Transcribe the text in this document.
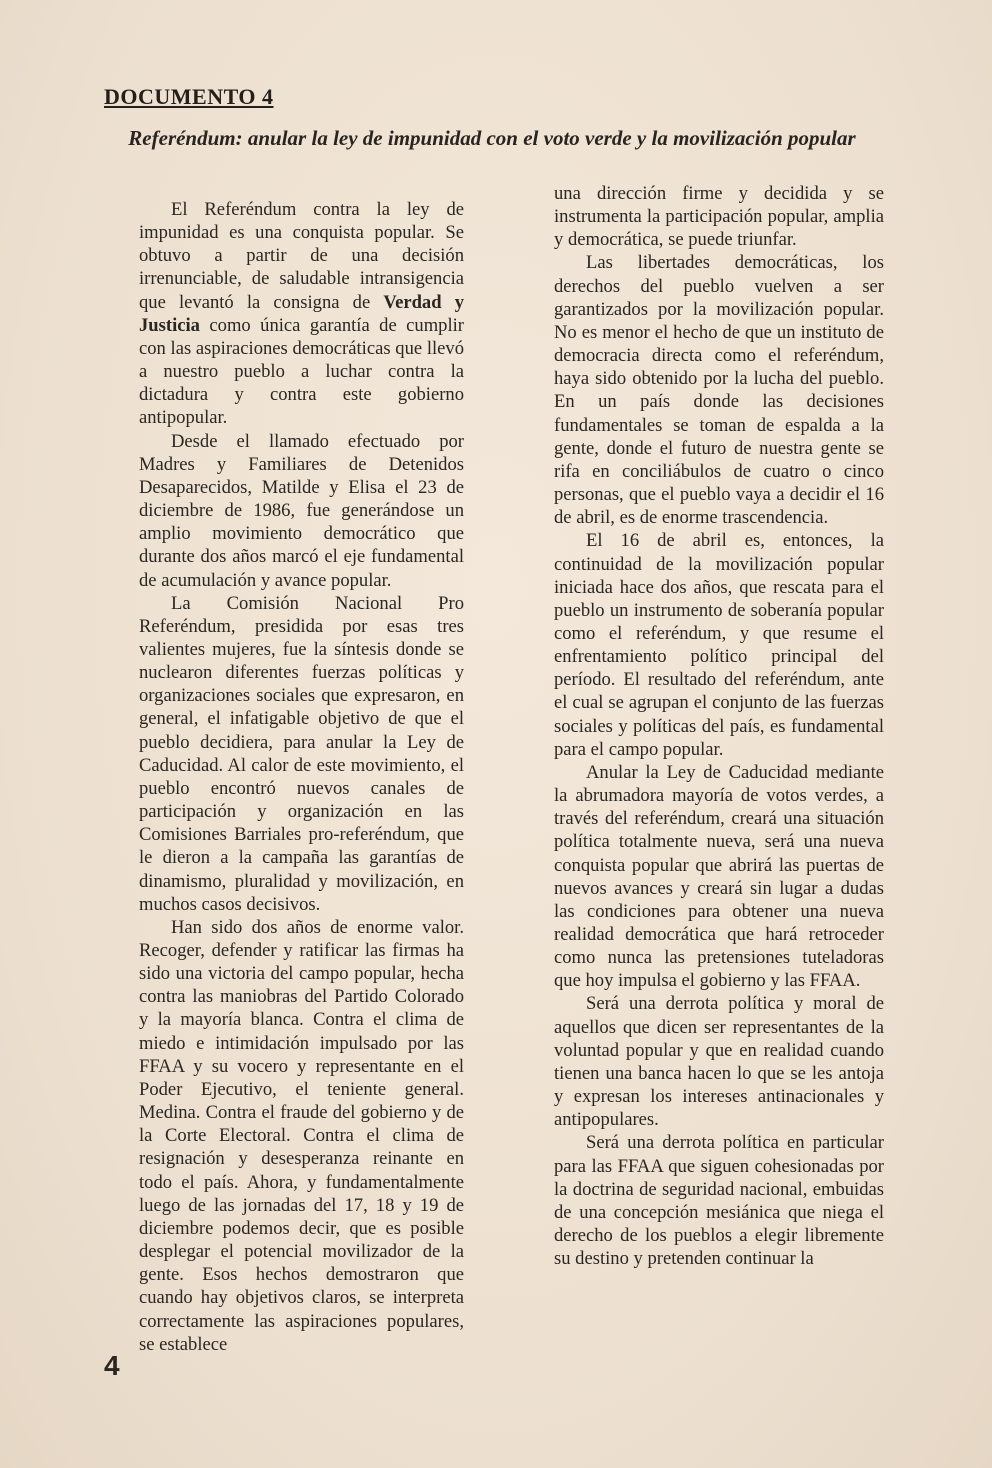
DOCUMENTO 4
Referéndum: anular la ley de impunidad con el voto verde y la movilización popular

El Referéndum contra la ley de impunidad es una conquista popular. Se obtuvo a partir de una decisión irrenunciable, de saludable intransigencia que levantó la consigna de Verdad y Justicia como única garantía de cumplir con las aspiraciones democráticas que llevó a nuestro pueblo a luchar contra la dictadura y contra este gobierno antipopular.

Desde el llamado efectuado por Madres y Familiares de Detenidos Desaparecidos, Matilde y Elisa el 23 de diciembre de 1986, fue generándose un amplio movimiento democrático que durante dos años marcó el eje fundamental de acumulación y avance popular.

La Comisión Nacional Pro Referéndum, presidida por esas tres valientes mujeres, fue la síntesis donde se nuclearon diferentes fuerzas políticas y organizaciones sociales que expresaron, en general, el infatigable objetivo de que el pueblo decidiera, para anular la Ley de Caducidad. Al calor de este movimiento, el pueblo encontró nuevos canales de participación y organización en las Comisiones Barriales pro-referéndum, que le dieron a la campaña las garantías de dinamismo, pluralidad y movilización, en muchos casos decisivos.

Han sido dos años de enorme valor. Recoger, defender y ratificar las firmas ha sido una victoria del campo popular, hecha contra las maniobras del Partido Colorado y la mayoría blanca. Contra el clima de miedo e intimidación impulsado por las FFAA y su vocero y representante en el Poder Ejecutivo, el teniente general. Medina. Contra el fraude del gobierno y de la Corte Electoral. Contra el clima de resignación y desesperanza reinante en todo el país. Ahora, y fundamentalmente luego de las jornadas del 17, 18 y 19 de diciembre podemos decir, que es posible desplegar el potencial movilizador de la gente. Esos hechos demostraron que cuando hay objetivos claros, se interpreta correctamente las aspiraciones populares, se establece

una dirección firme y decidida y se instrumenta la participación popular, amplia y democrática, se puede triunfar.

Las libertades democráticas, los derechos del pueblo vuelven a ser garantizados por la movilización popular. No es menor el hecho de que un instituto de democracia directa como el referéndum, haya sido obtenido por la lucha del pueblo. En un país donde las decisiones fundamentales se toman de espalda a la gente, donde el futuro de nuestra gente se rifa en conciliábulos de cuatro o cinco personas, que el pueblo vaya a decidir el 16 de abril, es de enorme trascendencia.

El 16 de abril es, entonces, la continuidad de la movilización popular iniciada hace dos años, que rescata para el pueblo un instrumento de soberanía popular como el referéndum, y que resume el enfrentamiento político principal del período. El resultado del referéndum, ante el cual se agrupan el conjunto de las fuerzas sociales y políticas del país, es fundamental para el campo popular.

Anular la Ley de Caducidad mediante la abrumadora mayoría de votos verdes, a través del referéndum, creará una situación política totalmente nueva, será una nueva conquista popular que abrirá las puertas de nuevos avances y creará sin lugar a dudas las condiciones para obtener una nueva realidad democrática que hará retroceder como nunca las pretensiones tuteladoras que hoy impulsa el gobierno y las FFAA.

Será una derrota política y moral de aquellos que dicen ser representantes de la voluntad popular y que en realidad cuando tienen una banca hacen lo que se les antoja y expresan los intereses antinacionales y antipopulares.

Será una derrota política en particular para las FFAA que siguen cohesionadas por la doctrina de seguridad nacional, embuidas de una concepción mesiánica que niega el derecho de los pueblos a elegir libremente su destino y pretenden continuar la

4
